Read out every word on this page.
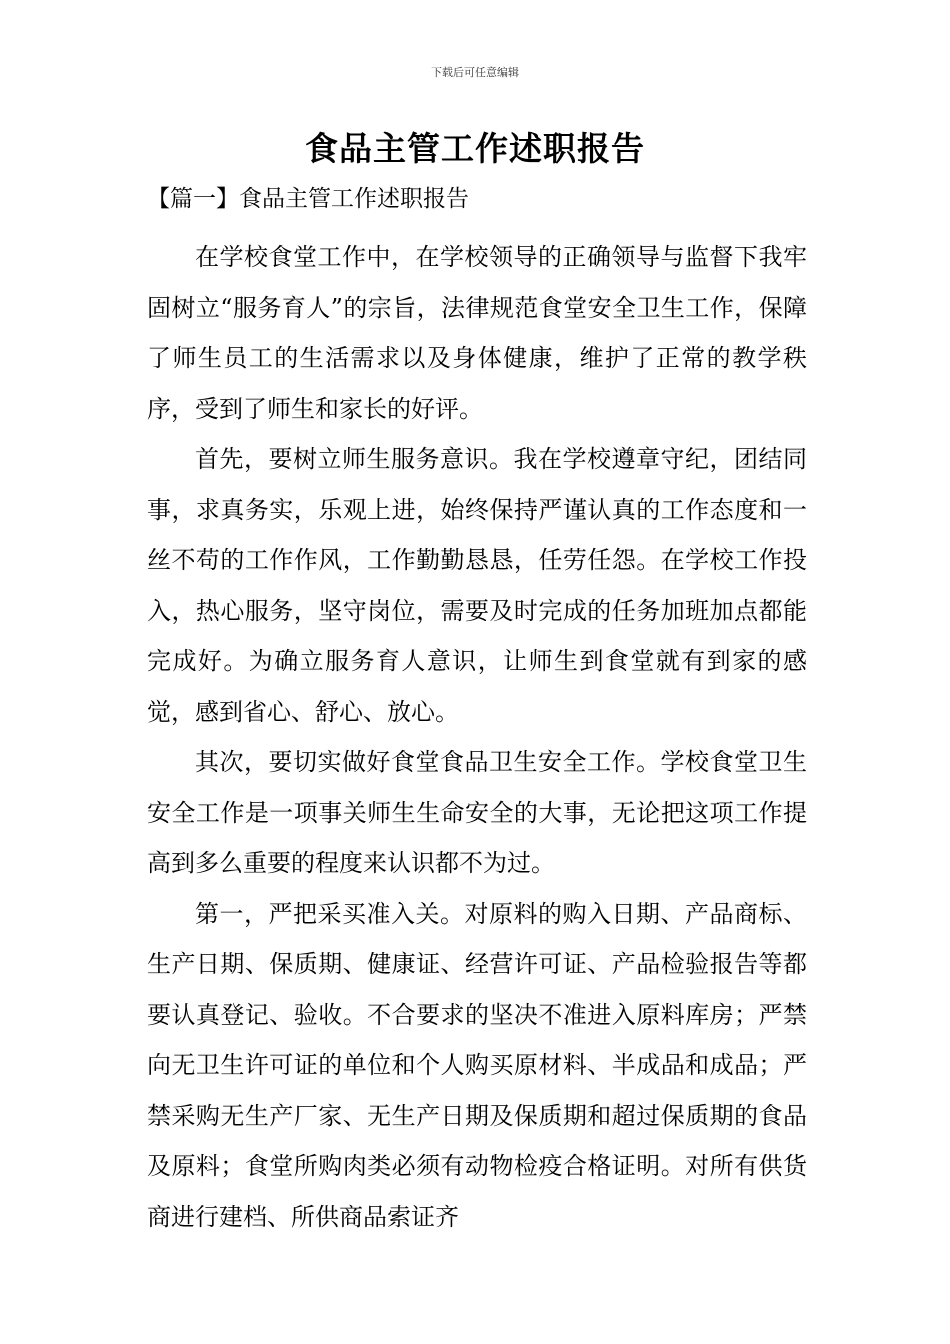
下载后可任意编辑
食品主管工作述职报告
【篇一】食品主管工作述职报告

在学校食堂工作中，在学校领导的正确领导与监督下我牢固树立“服务育人”的宗旨，法律规范食堂安全卫生工作，保障了师生员工的生活需求以及身体健康，维护了正常的教学秩序，受到了师生和家长的好评。

首先，要树立师生服务意识。我在学校遵章守纪，团结同事，求真务实，乐观上进，始终保持严谨认真的工作态度和一丝不苟的工作作风，工作勤勤恳恳，任劳任怨。在学校工作投入，热心服务，坚守岗位，需要及时完成的任务加班加点都能完成好。为确立服务育人意识，让师生到食堂就有到家的感觉，感到省心、舒心、放心。

其次，要切实做好食堂食品卫生安全工作。学校食堂卫生安全工作是一项事关师生生命安全的大事，无论把这项工作提高到多么重要的程度来认识都不为过。

第一，严把采买准入关。对原料的购入日期、产品商标、生产日期、保质期、健康证、经营许可证、产品检验报告等都要认真登记、验收。不合要求的坚决不准进入原料库房；严禁向无卫生许可证的单位和个人购买原材料、半成品和成品；严禁采购无生产厂家、无生产日期及保质期和超过保质期的食品及原料；食堂所购肉类必须有动物检疫合格证明。对所有供货商进行建档、所供商品索证齐
